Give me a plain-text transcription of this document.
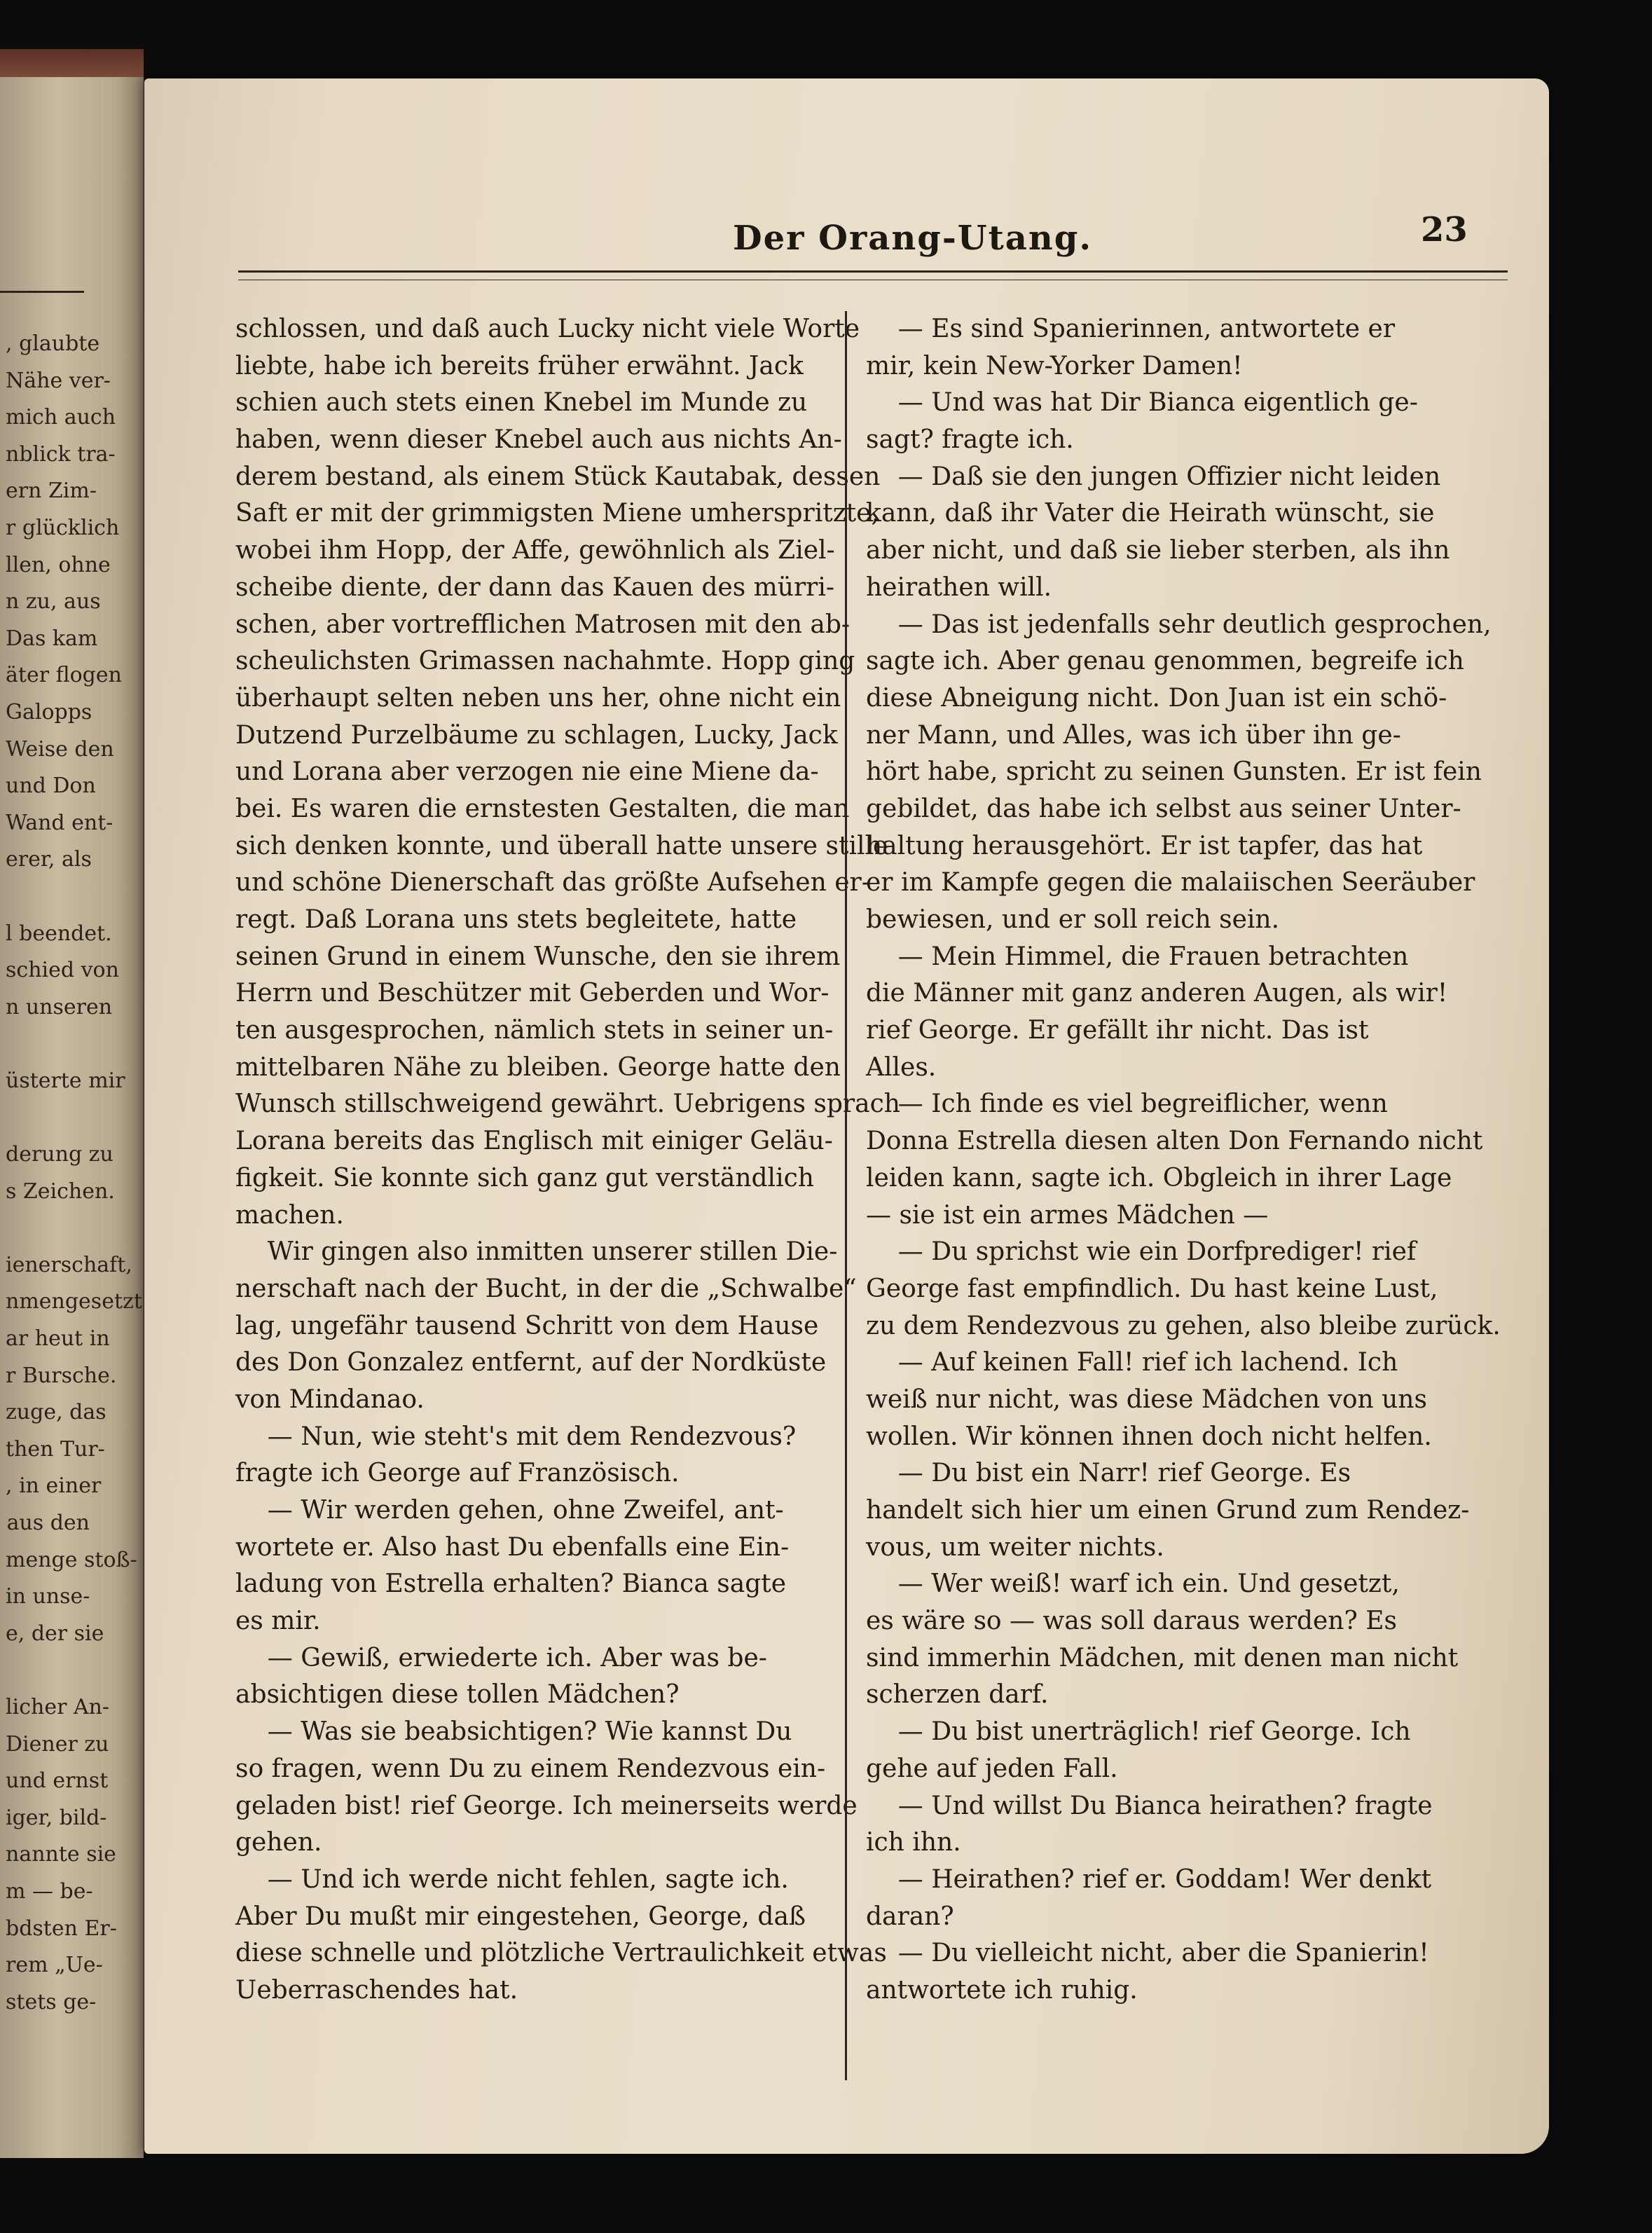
, glaubte
Nähe ver-
mich auch
nblick tra-
ern Zim-
r glücklich
llen, ohne
n zu, aus
Das kam
äter flogen
Galopps
Weise den
und Don
Wand ent-
erer, als
l beendet.
schied von
n unseren
üsterte mir
derung zu
s Zeichen.
ienerschaft,
nmengesetzt
ar heut in
r Bursche.
zuge, das
then Tur-
, in einer
aus den
menge stoß-
in unse-
e, der sie
licher An-
Diener zu
und ernst
iger, bild-
nannte sie
m — be-
bdsten Er-
rem „Ue-
stets ge-
Der Orang-Utang.	23
schlossen, und daß auch Lucky nicht viele Worte
liebte, habe ich bereits früher erwähnt. Jack
schien auch stets einen Knebel im Munde zu
haben, wenn dieser Knebel auch aus nichts An-
derem bestand, als einem Stück Kautabak, dessen
Saft er mit der grimmigsten Miene umherspritzte,
wobei ihm Hopp, der Affe, gewöhnlich als Ziel-
scheibe diente, der dann das Kauen des mürri-
schen, aber vortrefflichen Matrosen mit den ab-
scheulichsten Grimassen nachahmte. Hopp ging
überhaupt selten neben uns her, ohne nicht ein
Dutzend Purzelbäume zu schlagen, Lucky, Jack
und Lorana aber verzogen nie eine Miene da-
bei. Es waren die ernstesten Gestalten, die man
sich denken konnte, und überall hatte unsere stille
und schöne Dienerschaft das größte Aufsehen er-
regt. Daß Lorana uns stets begleitete, hatte
seinen Grund in einem Wunsche, den sie ihrem
Herrn und Beschützer mit Geberden und Wor-
ten ausgesprochen, nämlich stets in seiner un-
mittelbaren Nähe zu bleiben. George hatte den
Wunsch stillschweigend gewährt. Uebrigens sprach
Lorana bereits das Englisch mit einiger Geläu-
figkeit. Sie konnte sich ganz gut verständlich
machen.
Wir gingen also inmitten unserer stillen Die-
nerschaft nach der Bucht, in der die „Schwalbe“
lag, ungefähr tausend Schritt von dem Hause
des Don Gonzalez entfernt, auf der Nordküste
von Mindanao.
— Nun, wie steht's mit dem Rendezvous?
fragte ich George auf Französisch.
— Wir werden gehen, ohne Zweifel, ant-
wortete er. Also hast Du ebenfalls eine Ein-
ladung von Estrella erhalten? Bianca sagte
es mir.
— Gewiß, erwiederte ich. Aber was be-
absichtigen diese tollen Mädchen?
— Was sie beabsichtigen? Wie kannst Du
so fragen, wenn Du zu einem Rendezvous ein-
geladen bist! rief George. Ich meinerseits werde
gehen.
— Und ich werde nicht fehlen, sagte ich.
Aber Du mußt mir eingestehen, George, daß
diese schnelle und plötzliche Vertraulichkeit etwas
Ueberraschendes hat.
— Es sind Spanierinnen, antwortete er
mir, kein New-Yorker Damen!
— Und was hat Dir Bianca eigentlich ge-
sagt? fragte ich.
— Daß sie den jungen Offizier nicht leiden
kann, daß ihr Vater die Heirath wünscht, sie
aber nicht, und daß sie lieber sterben, als ihn
heirathen will.
— Das ist jedenfalls sehr deutlich gesprochen,
sagte ich. Aber genau genommen, begreife ich
diese Abneigung nicht. Don Juan ist ein schö-
ner Mann, und Alles, was ich über ihn ge-
hört habe, spricht zu seinen Gunsten. Er ist fein
gebildet, das habe ich selbst aus seiner Unter-
haltung herausgehört. Er ist tapfer, das hat
er im Kampfe gegen die malaiischen Seeräuber
bewiesen, und er soll reich sein.
— Mein Himmel, die Frauen betrachten
die Männer mit ganz anderen Augen, als wir!
rief George. Er gefällt ihr nicht. Das ist
Alles.
— Ich finde es viel begreiflicher, wenn
Donna Estrella diesen alten Don Fernando nicht
leiden kann, sagte ich. Obgleich in ihrer Lage
— sie ist ein armes Mädchen —
— Du sprichst wie ein Dorfprediger! rief
George fast empfindlich. Du hast keine Lust,
zu dem Rendezvous zu gehen, also bleibe zurück.
— Auf keinen Fall! rief ich lachend. Ich
weiß nur nicht, was diese Mädchen von uns
wollen. Wir können ihnen doch nicht helfen.
— Du bist ein Narr! rief George. Es
handelt sich hier um einen Grund zum Rendez-
vous, um weiter nichts.
— Wer weiß! warf ich ein. Und gesetzt,
es wäre so — was soll daraus werden? Es
sind immerhin Mädchen, mit denen man nicht
scherzen darf.
— Du bist unerträglich! rief George. Ich
gehe auf jeden Fall.
— Und willst Du Bianca heirathen? fragte
ich ihn.
— Heirathen? rief er. Goddam! Wer denkt
daran?
— Du vielleicht nicht, aber die Spanierin!
antwortete ich ruhig.
